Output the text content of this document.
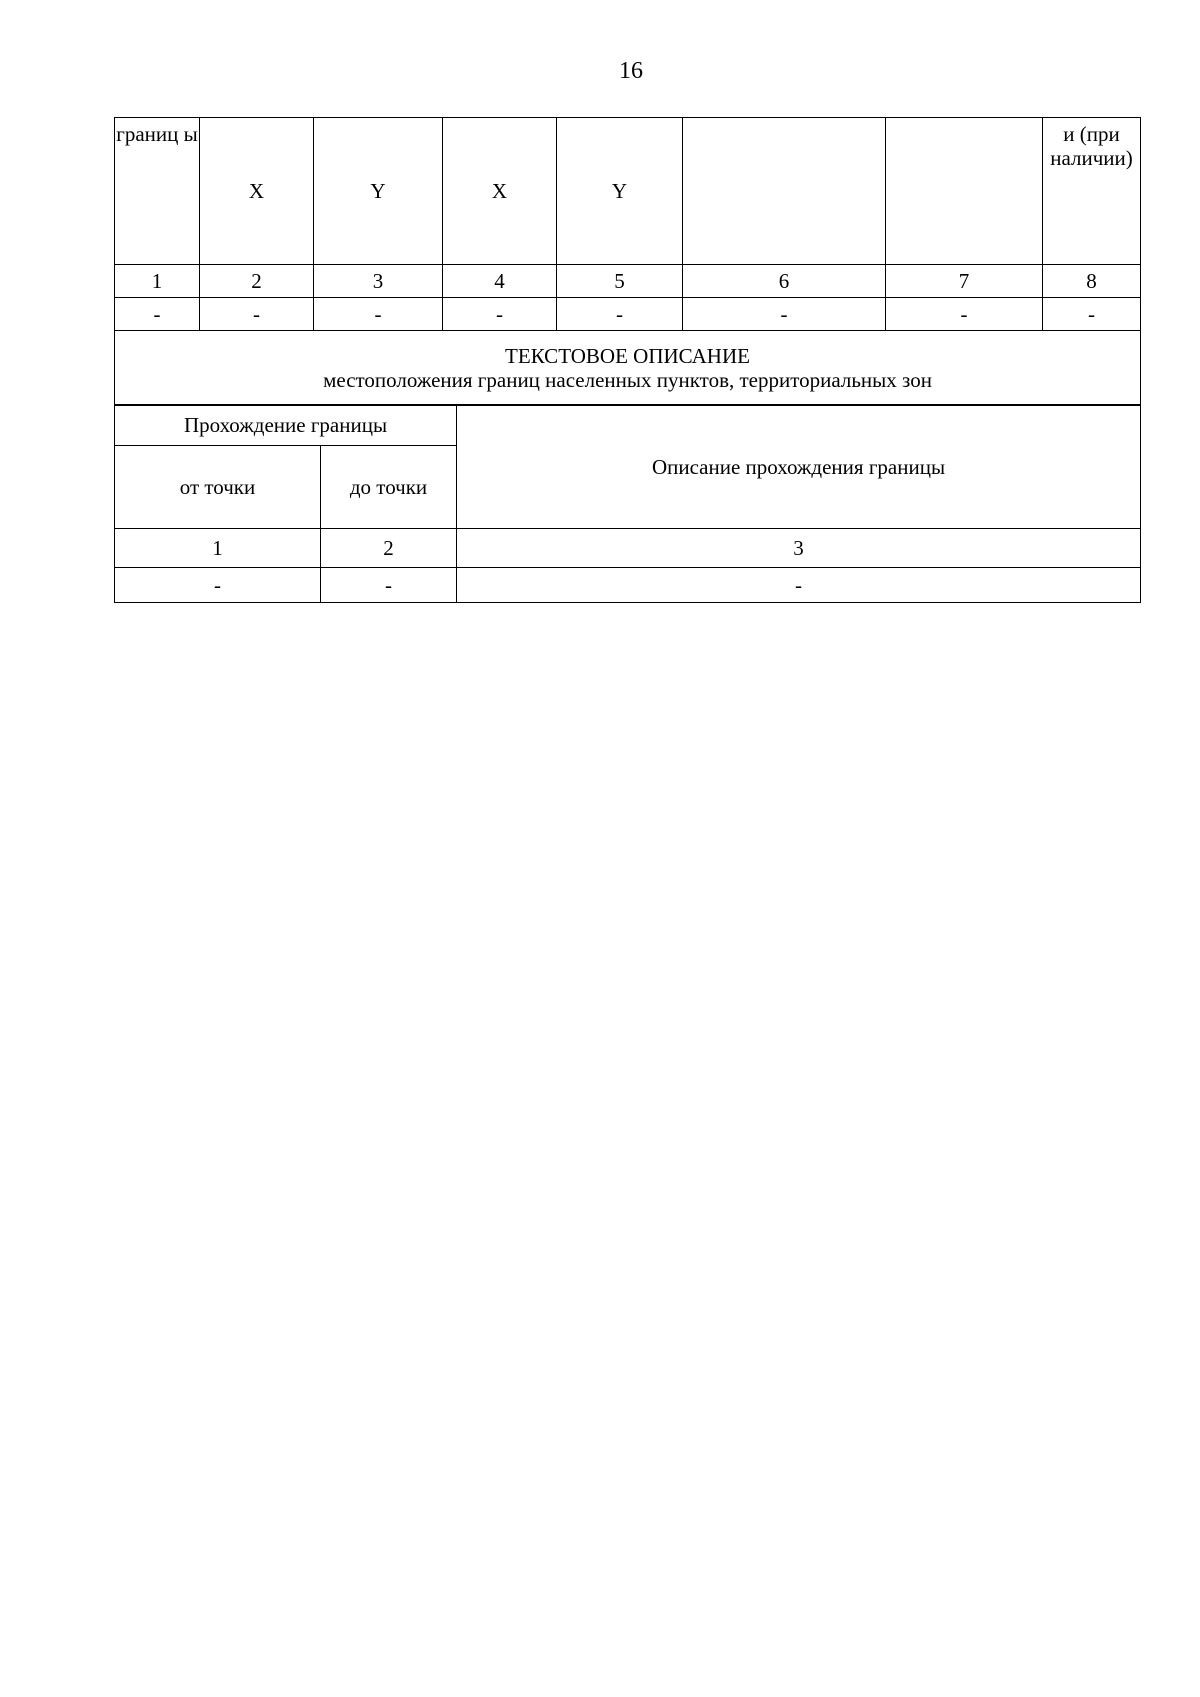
16
границ ы	X	Y	X	Y			и (при наличии)
1	2	3	4	5	6	7	8
-	-	-	-	-	-	-	-

ТЕКСТОВОЕ ОПИСАНИЕ
местоположения границ населенных пунктов, территориальных зон							
Прохождение границы		Описание прохождения границы
от точки	до точки	
1	2	3
-	-	-
